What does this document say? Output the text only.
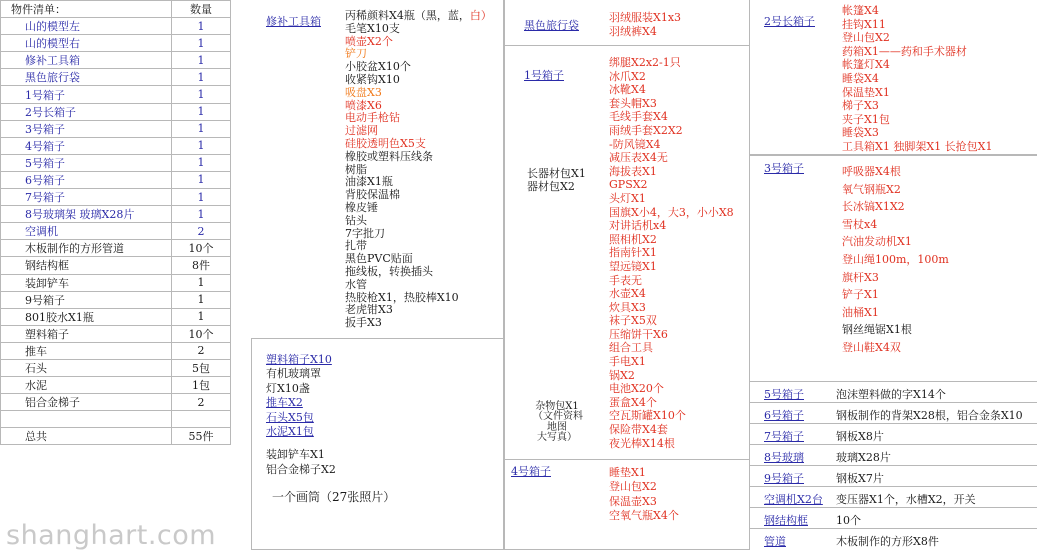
物件清单：	数量
山的模型左	1
山的模型右	1
修补工具箱	1
黑色旅行袋	1
1号箱子	1
2号长箱子	1
3号箱子	1
4号箱子	1
5号箱子	1
6号箱子	1
7号箱子	1
8号玻璃架 玻璃X28片	1
空调机	2
木板制作的方形管道	10个
钢结构框	8件
装卸铲车	1
9号箱子	1
801胶水X1瓶	1
塑料箱子	10个
推车	2
石头	5包
水泥	1包
铝合金梯子	2

总共	55件
修补工具箱 丙稀颜料X4瓶（黑，蓝，白）
毛笔X10支
喷壶X2个
铲刀
小胶盆X10个
收紧钩X10
吸盘X3
喷漆X6
电动手枪钻
过滤网
硅胶透明色X5支
橡胶或塑料压线条
树脂
油漆X1瓶
背胶保温棉
橡皮锤
钻头
7字批刀
扎带
黑色PVC贴面
拖线板，转换插头
水管
热胶枪X1，热胶棒X10
老虎钳X3
扳手X3
塑料箱子X10
有机玻璃罩
灯X10盏
推车X2
石头X5包
水泥X1包
装卸铲车X1
铝合金梯子X2
一个画筒（27张照片）
黑色旅行袋
羽绒服装X1x3
羽绒裤X4
1号箱子
长器材包X1
器材包X2
杂物包X1
（文件资料
地图
大写真）
绑腿X2x2-1只
冰爪X2
冰靴X4
套头帽X3
毛线手套X4
雨绒手套X2X2
-防风镜X4
减压表X4无
海拔表X1
GPSX2
头灯X1
国旗X小4，大3，小小X8
对讲话机x4
照相机X2
指南针X1
望远镜X1
手表无
水壶X4
炊具X3
袜子X5双
压缩饼干X6
组合工具
手电X1
锅X2
电池X20个
蛋盒X4个
空瓦斯罐X10个
保险带X4套
夜光棒X14根
4号箱子	睡垫X1
登山包X2
保温壶X3
空氧气瓶X4个
2号长箱子
帐篷X4
挂钩X11
登山包X2
药箱X1——药和手术器材
帐篷灯X4
睡袋X4
保温垫X1
梯子X3
夹子X1包
睡袋X3
工具箱X1 独脚架X1 长抢包X1
3号箱子	呼吸器X4根
氧气钢瓶X2
长冰镐X1X2
雪杖x4
汽油发动机X1
登山绳100m，100m
旗杆X3
铲子X1
油桶X1
钢丝绳锯X1根
登山鞋X4双
5号箱子	泡沫塑料做的字X14个
6号箱子	钢板制作的背架X28根，铝合金条X10
7号箱子	钢板X8片
8号玻璃	玻璃X28片
9号箱子	钢板X7片
空调机X2台 变压器X1个，水槽X2，开关
钢结构框	10个
管道	木板制作的方形X8件
shanghart.com
